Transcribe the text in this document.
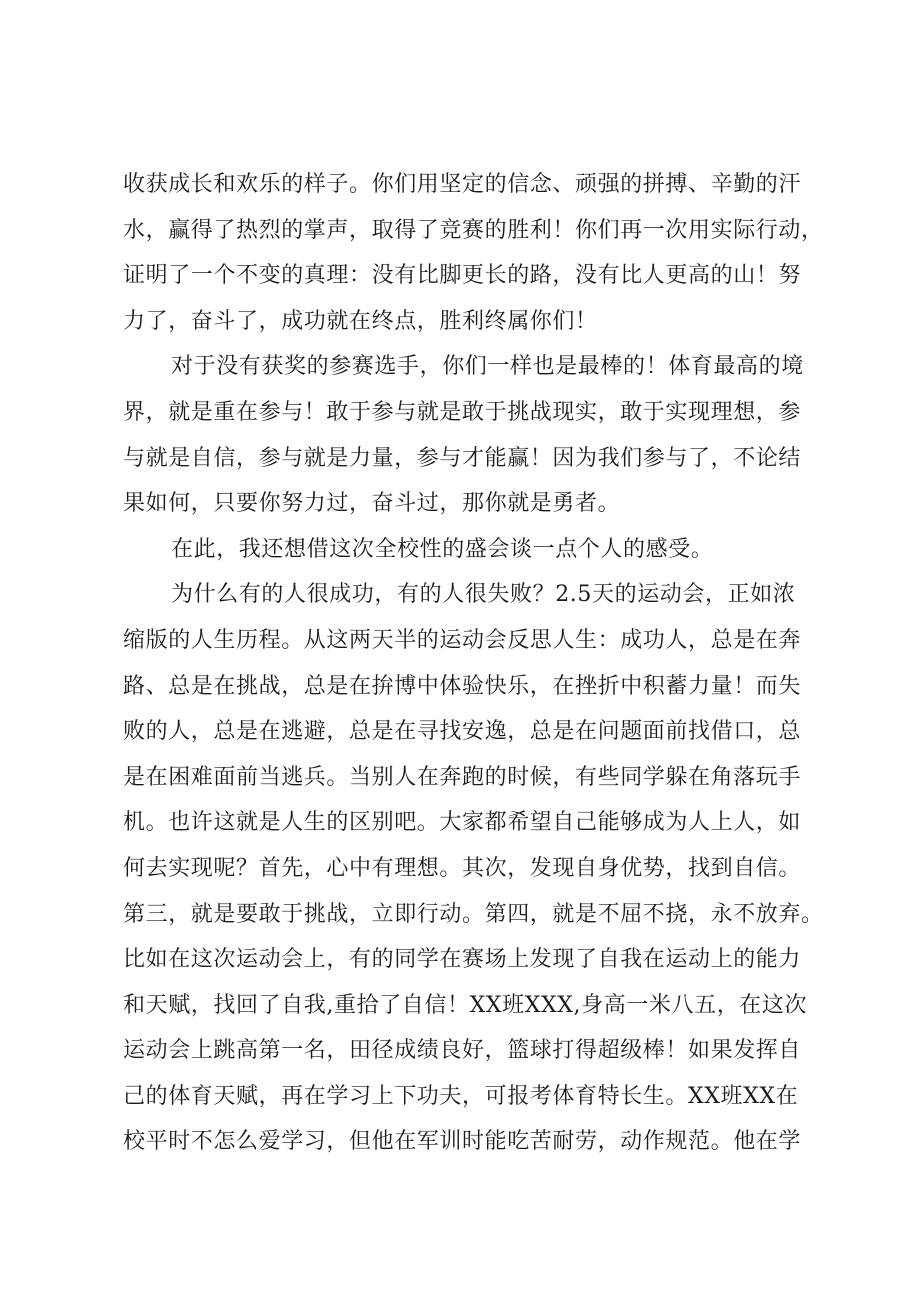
收获成长和欢乐的样子。你们用坚定的信念、顽强的拼搏、辛勤的汗
水，赢得了热烈的掌声，取得了竞赛的胜利！你们再一次用实际行动，
证明了一个不变的真理：没有比脚更长的路，没有比人更高的山！努
力了，奋斗了，成功就在终点，胜利终属你们！
对于没有获奖的参赛选手，你们一样也是最棒的！体育最高的境
界，就是重在参与！敢于参与就是敢于挑战现实，敢于实现理想，参
与就是自信，参与就是力量，参与才能赢！因为我们参与了，不论结
果如何，只要你努力过，奋斗过，那你就是勇者。
在此，我还想借这次全校性的盛会谈一点个人的感受。
为什么有的人很成功，有的人很失败？2.5天的运动会，正如浓
缩版的人生历程。从这两天半的运动会反思人生：成功人，总是在奔
路、总是在挑战，总是在拚博中体验快乐，在挫折中积蓄力量！而失
败的人，总是在逃避，总是在寻找安逸，总是在问题面前找借口，总
是在困难面前当逃兵。当别人在奔跑的时候，有些同学躲在角落玩手
机。也许这就是人生的区别吧。大家都希望自己能够成为人上人，如
何去实现呢？首先，心中有理想。其次，发现自身优势，找到自信。
第三，就是要敢于挑战，立即行动。第四，就是不屈不挠，永不放弃。
比如在这次运动会上，有的同学在赛场上发现了自我在运动上的能力
和天赋，找回了自我,重拾了自信！XX班XXX,身高一米八五，在这次
运动会上跳高第一名，田径成绩良好，篮球打得超级棒！如果发挥自
己的体育天赋，再在学习上下功夫，可报考体育特长生。XX班XX在
校平时不怎么爱学习，但他在军训时能吃苦耐劳，动作规范。他在学
